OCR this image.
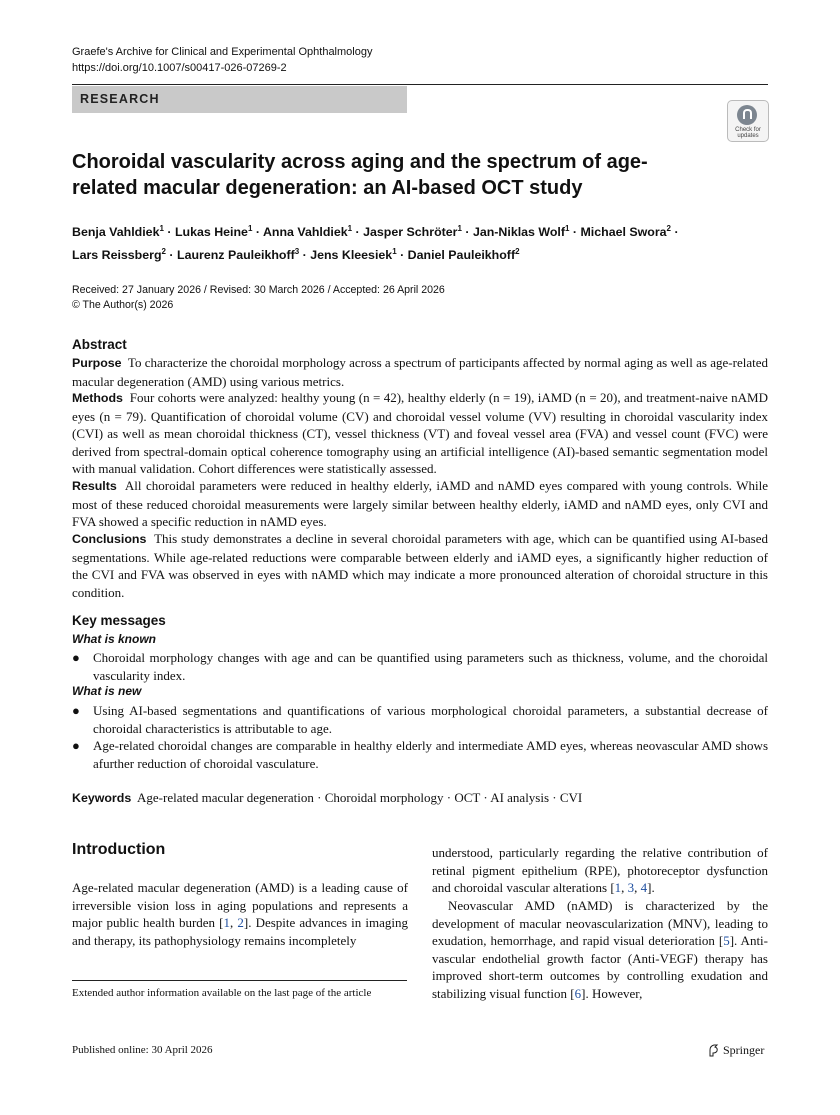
Graefe's Archive for Clinical and Experimental Ophthalmology
https://doi.org/10.1007/s00417-026-07269-2
RESEARCH
Check for
updates
Choroidal vascularity across aging and the spectrum of age-related macular degeneration: an AI-based OCT study
Benja Vahldiek$^1$ · Lukas Heine$^1$ · Anna Vahldiek$^1$ · Jasper Schröter$^1$ · Jan-Niklas Wolf$^1$ · Michael Swora$^2$ ·
Lars Reissberg$^2$ · Laurenz Pauleikhoff$^3$ · Jens Kleesiek$^1$ · Daniel Pauleikhoff$^2$
Received: 27 January 2026 / Revised: 30 March 2026 / Accepted: 26 April 2026
© The Author(s) 2026
Abstract

Purpose To characterize the choroidal morphology across a spectrum of participants affected by normal aging as well as age-related macular degeneration (AMD) using various metrics.

Methods Four cohorts were analyzed: healthy young (n = 42), healthy elderly (n = 19), iAMD (n = 20), and treatment-naive nAMD eyes (n = 79). Quantification of choroidal volume (CV) and choroidal vessel volume (VV) resulting in choroidal vascularity index (CVI) as well as mean choroidal thickness (CT), vessel thickness (VT) and foveal vessel area (FVA) and vessel count (FVC) were derived from spectral-domain optical coherence tomography using an artificial intelligence (AI)-based semantic segmentation model with manual validation. Cohort differences were statistically assessed.

Results All choroidal parameters were reduced in healthy elderly, iAMD and nAMD eyes compared with young controls. While most of these reduced choroidal measurements were largely similar between healthy elderly, iAMD and nAMD eyes, only CVI and FVA showed a specific reduction in nAMD eyes.

Conclusions This study demonstrates a decline in several choroidal parameters with age, which can be quantified using AI-based segmentations. While age-related reductions were comparable between elderly and iAMD eyes, a significantly higher reduction of the CVI and FVA was observed in eyes with nAMD which may indicate a more pronounced alteration of choroidal structure in this condition.

Key messages
What is known
● Choroidal morphology changes with age and can be quantified using parameters such as thickness, volume, and the choroidal vascularity index.
What is new
● Using AI-based segmentations and quantifications of various morphological choroidal parameters, a substantial decrease of choroidal characteristics is attributable to age.
● Age-related choroidal changes are comparable in healthy elderly and intermediate AMD eyes, whereas neovascular AMD shows afurther reduction of choroidal vasculature.
Keywords Age-related macular degeneration · Choroidal morphology · OCT · AI analysis · CVI
Introduction

Age-related macular degeneration (AMD) is a leading cause of irreversible vision loss in aging populations and represents a major public health burden [1, 2]. Despite advances in imaging and therapy, its pathophysiology remains incompletely

understood, particularly regarding the relative contribution of retinal pigment epithelium (RPE), photoreceptor dysfunction and choroidal vascular alterations [1, 3, 4].

Neovascular AMD (nAMD) is characterized by the development of macular neovascularization (MNV), leading to exudation, hemorrhage, and rapid visual deterioration [5]. Anti-vascular endothelial growth factor (Anti-VEGF) therapy has improved short-term outcomes by controlling exudation and stabilizing visual function [6]. However,

Extended author information available on the last page of the article
Published online: 30 April 2026	Springer
